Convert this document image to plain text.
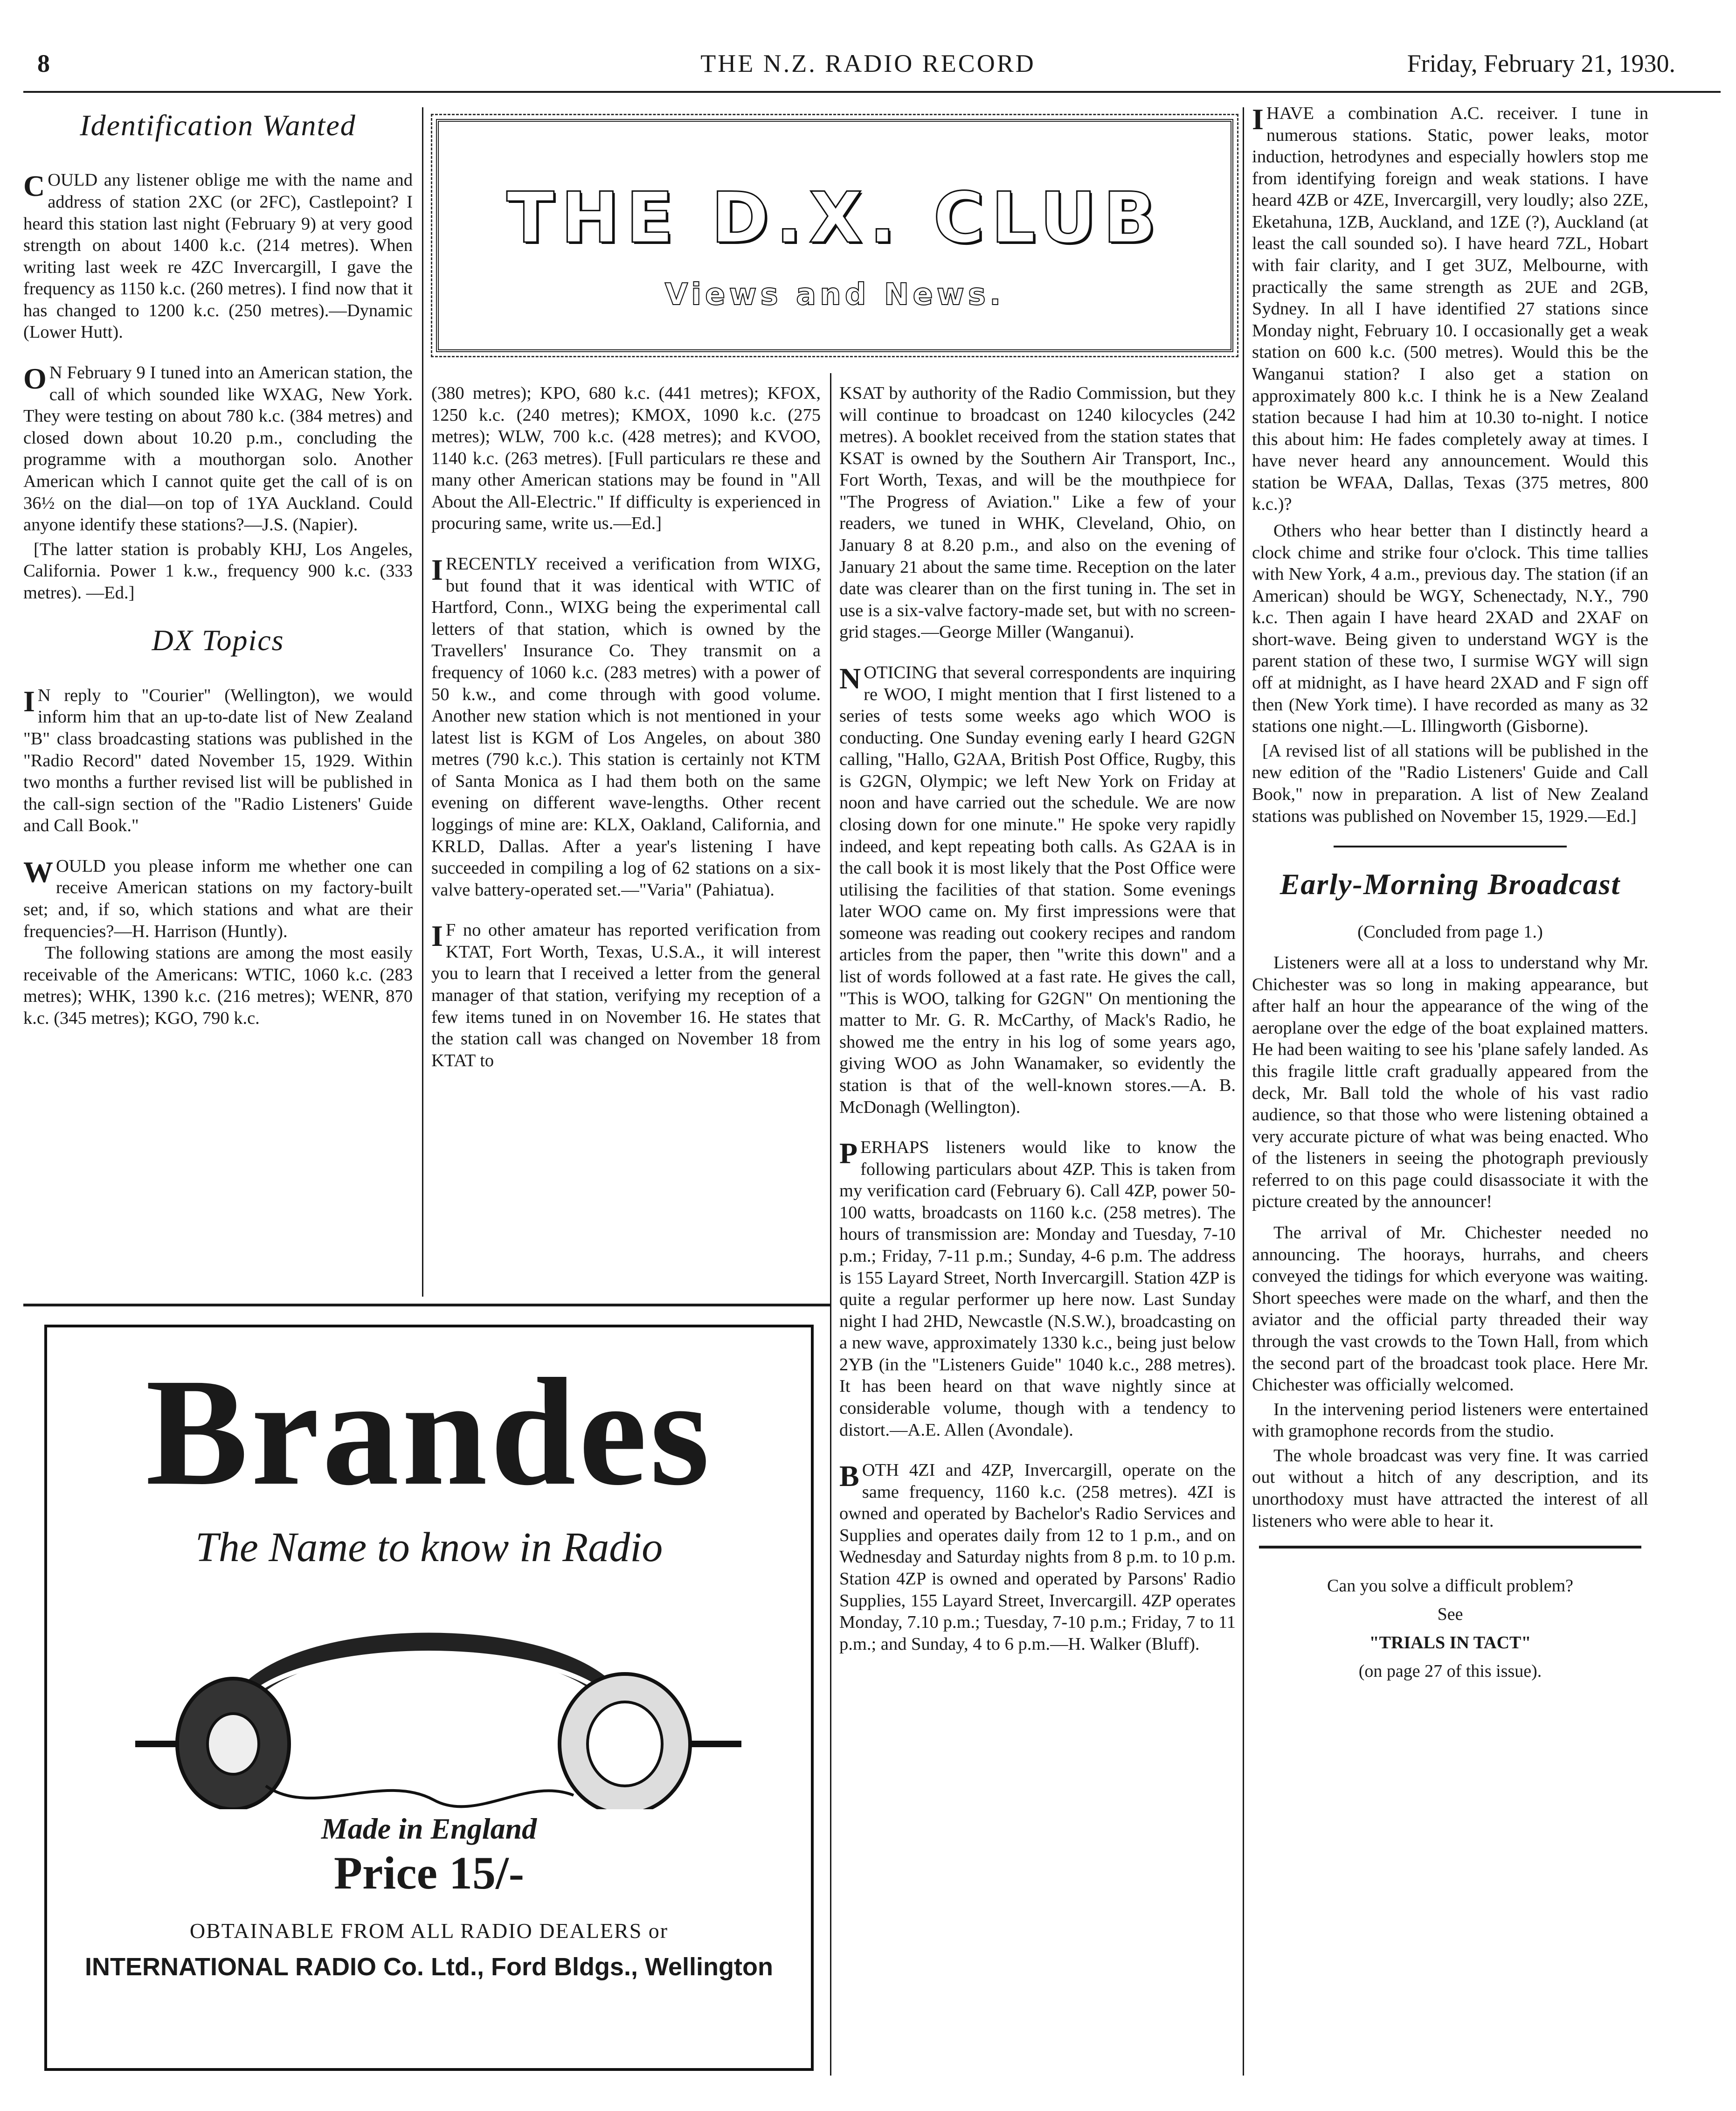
8	THE N.Z. RADIO RECORD	Friday, February 21, 1930.
THE D.X. CLUB
Views and News.
Identification Wanted

COULD any listener oblige me with the name and address of station 2XC (or 2FC), Castlepoint? I heard this station last night (February 9) at very good strength on about 1400 k.c. (214 metres). When writing last week re 4ZC Invercargill, I gave the frequency as 1150 k.c. (260 metres). I find now that it has changed to 1200 k.c. (250 metres).—Dynamic (Lower Hutt).

O N February 9 I tuned into an American station, the call of which sounded like WXAG, New York. They were testing on about 780 k.c. (384 metres) and closed down about 10.20 p.m., concluding the programme with a mouthorgan solo. Another American which I cannot quite get the call of is on 36½ on the dial—on top of 1YA Auckland. Could anyone identify these stations?—J.S. (Napier).

[The latter station is probably KHJ, Los Angeles, California. Power 1 k.w., frequency 900 k.c. (333 metres). —Ed.]

DX Topics

I N reply to "Courier" (Wellington), we would inform him that an up-to-date list of New Zealand "B" class broadcasting stations was published in the "Radio Record" dated November 15, 1929. Within two months a further revised list will be published in the call-sign section of the "Radio Listeners' Guide and Call Book."

WOULD you please inform me whether one can receive American stations on my factory-built set; and, if so, which stations and what are their frequencies?—H. Harrison (Huntly).

The following stations are among the most easily receivable of the Americans: WTIC, 1060 k.c. (283 metres); WHK, 1390 k.c. (216 metres); WENR, 870 k.c. (345 metres); KGO, 790 k.c.

(380 metres); KPO, 680 k.c. (441 metres); KFOX, 1250 k.c. (240 metres); KMOX, 1090 k.c. (275 metres); WLW, 700 k.c. (428 metres); and KVOO, 1140 k.c. (263 metres). [Full particulars re these and many other American stations may be found in "All About the All-Electric." If difficulty is experienced in procuring same, write us.—Ed.]

IRECENTLY received a verification from WIXG, but found that it was identical with WTIC of Hartford, Conn., WIXG being the experimental call letters of that station, which is owned by the Travellers' Insurance Co. They transmit on a frequency of 1060 k.c. (283 metres) with a power of 50 k.w., and come through with good volume. Another new station which is not mentioned in your latest list is KGM of Los Angeles, on about 380 metres (790 k.c.). This station is certainly not KTM of Santa Monica as I had them both on the same evening on different wave-lengths. Other recent loggings of mine are: KLX, Oakland, California, and KRLD, Dallas. After a year's listening I have succeeded in compiling a log of 62 stations on a six-valve battery-operated set.—"Varia" (Pahiatua).

I F no other amateur has reported verification from KTAT, Fort Worth, Texas, U.S.A., it will interest you to learn that I received a letter from the general manager of that station, verifying my reception of a few items tuned in on November 16. He states that the station call was changed on November 18 from KTAT to

Brandes
The Name to know in Radio
Made in England
Price 15/-
OBTAINABLE FROM ALL RADIO DEALERS or
INTERNATIONAL RADIO Co. Ltd., Ford Bldgs., Wellington

KSAT by authority of the Radio Commission, but they will continue to broadcast on 1240 kilocycles (242 metres). A booklet received from the station states that KSAT is owned by the Southern Air Transport, Inc., Fort Worth, Texas, and will be the mouthpiece for "The Progress of Aviation." Like a few of your readers, we tuned in WHK, Cleveland, Ohio, on January 8 at 8.20 p.m., and also on the evening of January 21 about the same time. Reception on the later date was clearer than on the first tuning in. The set in use is a six-valve factory-made set, but with no screen-grid stages.—George Miller (Wanganui).

NOTICING that several correspondents are inquiring re WOO, I might mention that I first listened to a series of tests some weeks ago which WOO is conducting. One Sunday evening early I heard G2GN calling, "Hallo, G2AA, British Post Office, Rugby, this is G2GN, Olympic; we left New York on Friday at noon and have carried out the schedule. We are now closing down for one minute." He spoke very rapidly indeed, and kept repeating both calls. As G2AA is in the call book it is most likely that the Post Office were utilising the facilities of that station. Some evenings later WOO came on. My first impressions were that someone was reading out cookery recipes and random articles from the paper, then "write this down" and a list of words followed at a fast rate. He gives the call, "This is WOO, talking for G2GN" On mentioning the matter to Mr. G. R. McCarthy, of Mack's Radio, he showed me the entry in his log of some years ago, giving WOO as John Wanamaker, so evidently the station is that of the well-known stores.—A. B. McDonagh (Wellington).

PERHAPS listeners would like to know the following particulars about 4ZP. This is taken from my verification card (February 6). Call 4ZP, power 50-100 watts, broadcasts on 1160 k.c. (258 metres). The hours of transmission are: Monday and Tuesday, 7-10 p.m.; Friday, 7-11 p.m.; Sunday, 4-6 p.m. The address is 155 Layard Street, North Invercargill. Station 4ZP is quite a regular performer up here now. Last Sunday night I had 2HD, Newcastle (N.S.W.), broadcasting on a new wave, approximately 1330 k.c., being just below 2YB (in the "Listeners Guide" 1040 k.c., 288 metres). It has been heard on that wave nightly since at considerable volume, though with a tendency to distort.—A.E. Allen (Avondale).

BOTH 4ZI and 4ZP, Invercargill, operate on the same frequency, 1160 k.c. (258 metres). 4ZI is owned and operated by Bachelor's Radio Services and Supplies and operates daily from 12 to 1 p.m., and on Wednesday and Saturday nights from 8 p.m. to 10 p.m. Station 4ZP is owned and operated by Parsons' Radio Supplies, 155 Layard Street, Invercargill. 4ZP operates Monday, 7.10 p.m.; Tuesday, 7-10 p.m.; Friday, 7 to 11 p.m.; and Sunday, 4 to 6 p.m.—H. Walker (Bluff).

IHAVE a combination A.C. receiver. I tune in numerous stations. Static, power leaks, motor induction, hetrodynes and especially howlers stop me from identifying foreign and weak stations. I have heard 4ZB or 4ZE, Invercargill, very loudly; also 2ZE, Eketahuna, 1ZB, Auckland, and 1ZE (?), Auckland (at least the call sounded so). I have heard 7ZL, Hobart with fair clarity, and I get 3UZ, Melbourne, with practically the same strength as 2UE and 2GB, Sydney. In all I have identified 27 stations since Monday night, February 10. I occasionally get a weak station on 600 k.c. (500 metres). Would this be the Wanganui station? I also get a station on approximately 800 k.c. I think he is a New Zealand station because I had him at 10.30 to-night. I notice this about him: He fades completely away at times. I have never heard any announcement. Would this station be WFAA, Dallas, Texas (375 metres, 800 k.c.)?

Others who hear better than I distinctly heard a clock chime and strike four o'clock. This time tallies with New York, 4 a.m., previous day. The station (if an American) should be WGY, Schenectady, N.Y., 790 k.c. Then again I have heard 2XAD and 2XAF on short-wave. Being given to understand WGY is the parent station of these two, I surmise WGY will sign off at midnight, as I have heard 2XAD and F sign off then (New York time). I have recorded as many as 32 stations one night.—L. Illingworth (Gisborne).

[A revised list of all stations will be published in the new edition of the "Radio Listeners' Guide and Call Book," now in preparation. A list of New Zealand stations was published on November 15, 1929.—Ed.]

Early-Morning Broadcast
(Concluded from page 1.)

Listeners were all at a loss to understand why Mr. Chichester was so long in making appearance, but after half an hour the appearance of the wing of the aeroplane over the edge of the boat explained matters. He had been waiting to see his 'plane safely landed. As this fragile little craft gradually appeared from the deck, Mr. Ball told the whole of his vast radio audience, so that those who were listening obtained a very accurate picture of what was being enacted. Who of the listeners in seeing the photograph previously referred to on this page could disassociate it with the picture created by the announcer!

The arrival of Mr. Chichester needed no announcing. The hoorays, hurrahs, and cheers conveyed the tidings for which everyone was waiting. Short speeches were made on the wharf, and then the aviator and the official party threaded their way through the vast crowds to the Town Hall, from which the second part of the broadcast took place. Here Mr. Chichester was officially welcomed.

In the intervening period listeners were entertained with gramophone records from the studio.

The whole broadcast was very fine. It was carried out without a hitch of any description, and its unorthodoxy must have attracted the interest of all listeners who were able to hear it.

Can you solve a difficult problem?
See
"TRIALS IN TACT"
(on page 27 of this issue).
